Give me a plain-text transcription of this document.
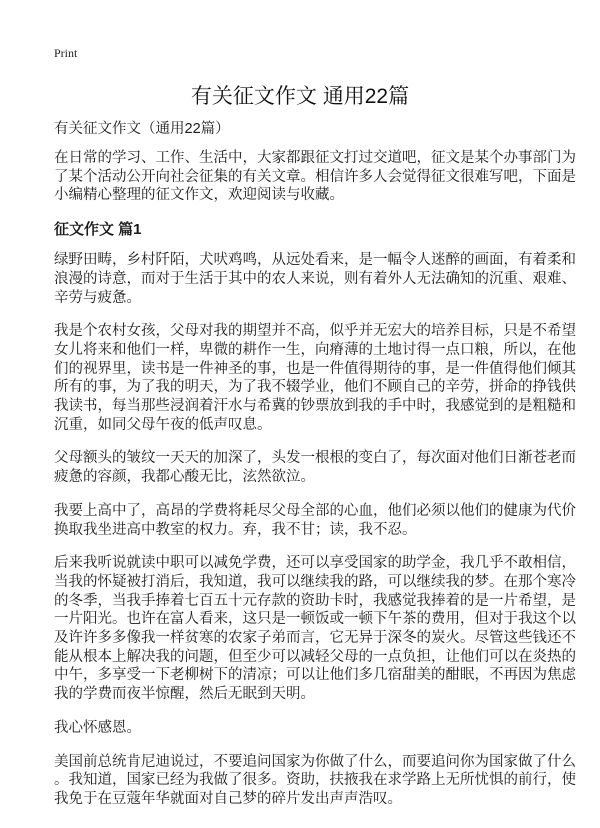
Print
有关征文作文 通用22篇
有关征文作文（通用22篇）

在日常的学习、工作、生活中，大家都跟征文打过交道吧，征文是某个办事部门为
了某个活动公开向社会征集的有关文章。相信许多人会觉得征文很难写吧，下面是
小编精心整理的征文作文，欢迎阅读与收藏。

征文作文 篇1

绿野田畴，乡村阡陌，犬吠鸡鸣，从远处看来，是一幅令人迷醉的画面，有着柔和
浪漫的诗意，而对于生活于其中的农人来说，则有着外人无法确知的沉重、艰难、
辛劳与疲惫。

我是个农村女孩，父母对我的期望并不高，似乎并无宏大的培养目标，只是不希望
女儿将来和他们一样，卑微的耕作一生，向瘠薄的土地讨得一点口粮，所以，在他
们的视界里，读书是一件神圣的事，也是一件值得期待的事，是一件值得他们倾其
所有的事，为了我的明天，为了我不辍学业，他们不顾自己的辛劳，拼命的挣钱供
我读书，每当那些浸润着汗水与希冀的钞票放到我的手中时，我感觉到的是粗糙和
沉重，如同父母午夜的低声叹息。

父母额头的皱纹一天天的加深了，头发一根根的变白了，每次面对他们日渐苍老而
疲惫的容颜，我都心酸无比，泫然欲泣。

我要上高中了，高昂的学费将耗尽父母全部的心血，他们必须以他们的健康为代价
换取我坐进高中教室的权力。弃，我不甘；读，我不忍。

后来我听说就读中职可以减免学费，还可以享受国家的助学金，我几乎不敢相信，
当我的怀疑被打消后，我知道，我可以继续我的路，可以继续我的梦。在那个寒冷
的冬季，当我手捧着七百五十元存款的资助卡时，我感觉我捧着的是一片希望，是
一片阳光。也许在富人看来，这只是一顿饭或一顿下午茶的费用，但对于我这个以
及许许多多像我一样贫寒的农家子弟而言，它无异于深冬的炭火。尽管这些钱还不
能从根本上解决我的问题，但至少可以减轻父母的一点负担，让他们可以在炎热的
中午，多享受一下老柳树下的清凉；可以让他们多几宿甜美的酣眠，不再因为焦虑
我的学费而夜半惊醒，然后无眠到天明。

我心怀感恩。

美国前总统肯尼迪说过，不要追问国家为你做了什么，而要追问你为国家做了什么
。我知道，国家已经为我做了很多。资助，扶掖我在求学路上无所忧惧的前行，使
我免于在豆蔻年华就面对自己梦的碎片发出声声浩叹。
